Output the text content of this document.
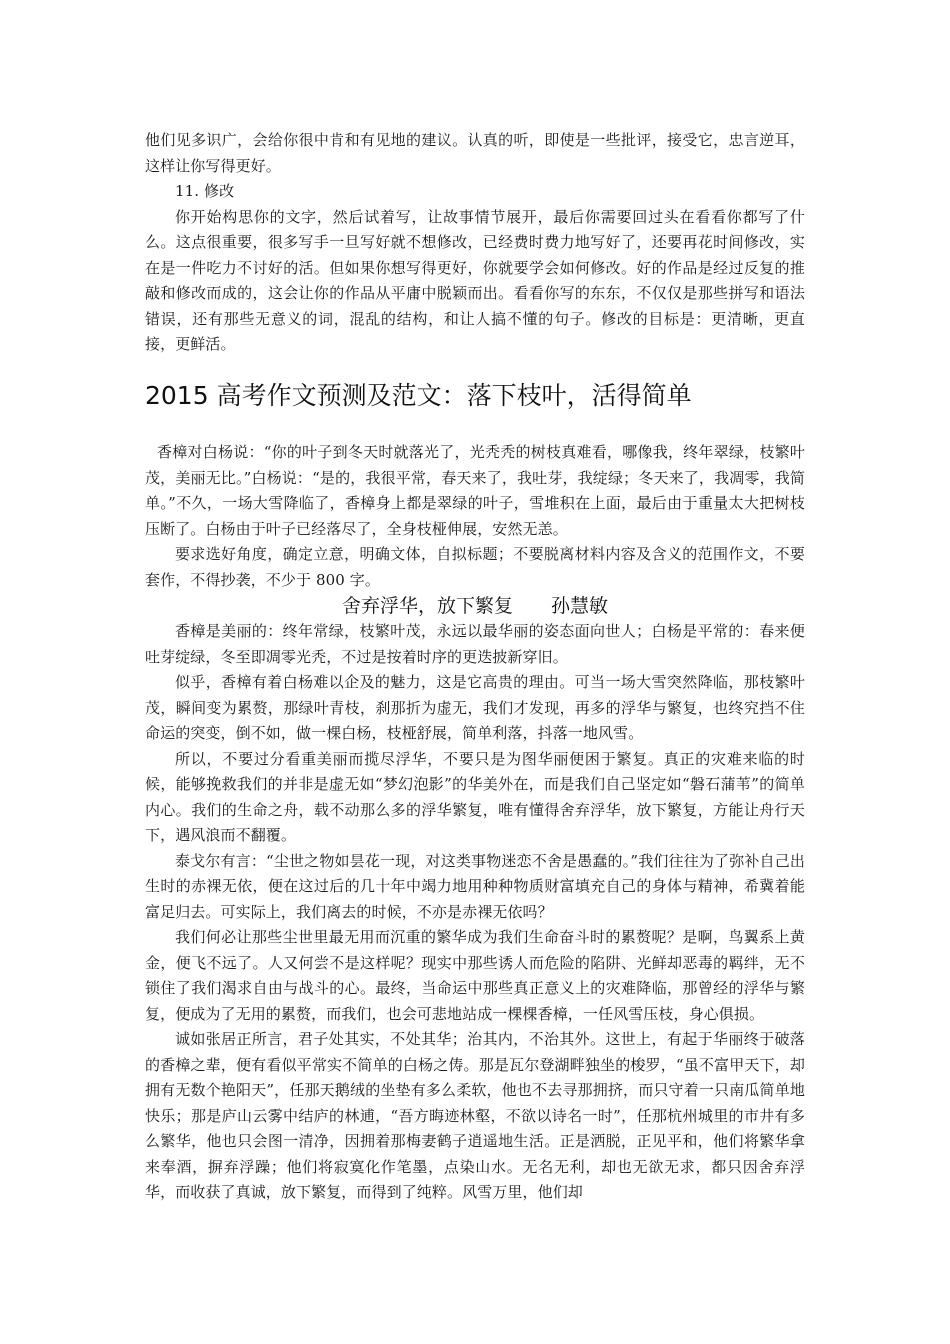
他们见多识广，会给你很中肯和有见地的建议。认真的听，即使是一些批评，接受它，忠言逆耳，这样让你写得更好。

11. 修改

你开始构思你的文字，然后试着写，让故事情节展开，最后你需要回过头在看看你都写了什么。这点很重要，很多写手一旦写好就不想修改，已经费时费力地写好了，还要再花时间修改，实在是一件吃力不讨好的活。但如果你想写得更好，你就要学会如何修改。好的作品是经过反复的推敲和修改而成的，这会让你的作品从平庸中脱颖而出。看看你写的东东，不仅仅是那些拼写和语法错误，还有那些无意义的词，混乱的结构，和让人搞不懂的句子。修改的目标是：更清晰，更直接，更鲜活。

2015 高考作文预测及范文：落下枝叶，活得简单

香樟对白杨说：“你的叶子到冬天时就落光了，光秃秃的树枝真难看，哪像我，终年翠绿，枝繁叶茂，美丽无比。”白杨说：“是的，我很平常，春天来了，我吐芽，我绽绿；冬天来了，我凋零，我简单。”不久，一场大雪降临了，香樟身上都是翠绿的叶子，雪堆积在上面，最后由于重量太大把树枝压断了。白杨由于叶子已经落尽了，全身枝桠伸展，安然无恙。

要求选好角度，确定立意，明确文体，自拟标题；不要脱离材料内容及含义的范围作文，不要套作，不得抄袭，不少于 800 字。

舍弃浮华，放下繁复 孙慧敏

香樟是美丽的：终年常绿，枝繁叶茂，永远以最华丽的姿态面向世人；白杨是平常的：春来便吐芽绽绿，冬至即凋零光秃，不过是按着时序的更迭披新穿旧。

似乎，香樟有着白杨难以企及的魅力，这是它高贵的理由。可当一场大雪突然降临，那枝繁叶茂，瞬间变为累赘，那绿叶青枝，刹那折为虚无，我们才发现，再多的浮华与繁复，也终究挡不住命运的突变，倒不如，做一棵白杨，枝桠舒展，简单利落，抖落一地风雪。

所以，不要过分看重美丽而揽尽浮华，不要只是为图华丽便困于繁复。真正的灾难来临的时候，能够挽救我们的并非是虚无如“梦幻泡影”的华美外在，而是我们自己坚定如“磐石蒲苇”的简单内心。我们的生命之舟，载不动那么多的浮华繁复，唯有懂得舍弃浮华，放下繁复，方能让舟行天下，遇风浪而不翻覆。

泰戈尔有言：“尘世之物如昙花一现，对这类事物迷恋不舍是愚蠢的。”我们往往为了弥补自己出生时的赤裸无依，便在这过后的几十年中竭力地用种种物质财富填充自己的身体与精神，希冀着能富足归去。可实际上，我们离去的时候，不亦是赤裸无依吗？

我们何必让那些尘世里最无用而沉重的繁华成为我们生命奋斗时的累赘呢？是啊，鸟翼系上黄金，便飞不远了。人又何尝不是这样呢？现实中那些诱人而危险的陷阱、光鲜却恶毒的羁绊，无不锁住了我们渴求自由与战斗的心。最终，当命运中那些真正意义上的灾难降临，那曾经的浮华与繁复，便成为了无用的累赘，而我们，也会可悲地站成一棵棵香樟，一任风雪压枝，身心俱损。

诚如张居正所言，君子处其实，不处其华；治其内，不治其外。这世上，有起于华丽终于破落的香樟之辈，便有看似平常实不简单的白杨之俦。那是瓦尔登湖畔独坐的梭罗，“虽不富甲天下，却拥有无数个艳阳天”，任那天鹅绒的坐垫有多么柔软，他也不去寻那拥挤，而只守着一只南瓜简单地快乐；那是庐山云雾中结庐的林逋，“吾方晦迹林壑，不欲以诗名一时”，任那杭州城里的市井有多么繁华，他也只会图一清净，因拥着那梅妻鹤子逍遥地生活。正是洒脱，正见平和，他们将繁华拿来奉酒，摒弃浮躁；他们将寂寞化作笔墨，点染山水。无名无利，却也无欲无求，都只因舍弃浮华，而收获了真诚，放下繁复，而得到了纯粹。风雪万里，他们却
